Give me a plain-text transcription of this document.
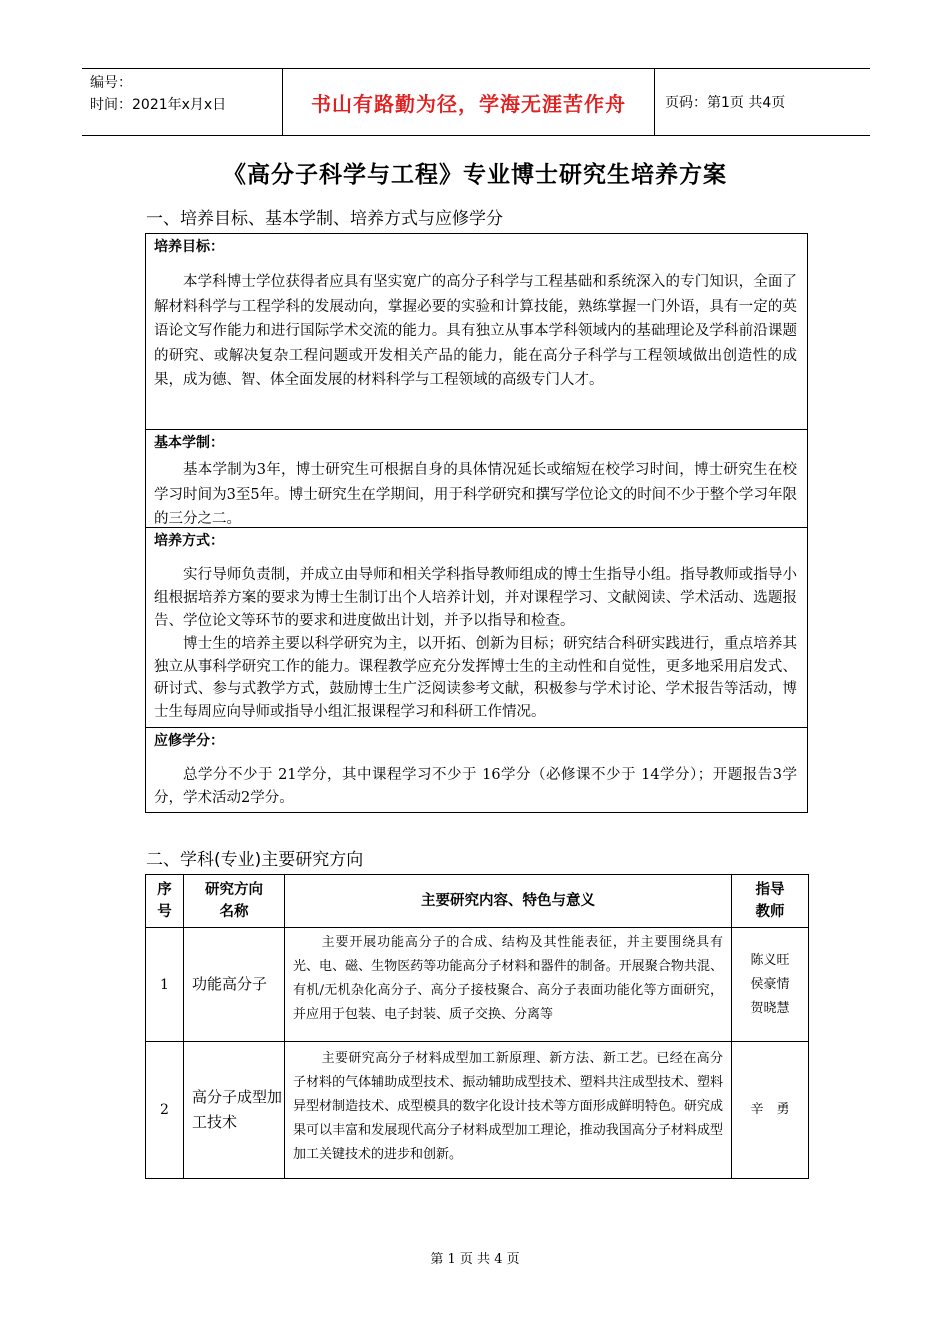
编号：
时间：2021年x月x日	书山有路勤为径，学海无涯苦作舟	页码：第1页 共4页
《高分子科学与工程》专业博士研究生培养方案
一、培养目标、基本学制、培养方式与应修学分
培养目标：

本学科博士学位获得者应具有坚实宽广的高分子科学与工程基础和系统深入的专门知识，全面了解材料科学与工程学科的发展动向，掌握必要的实验和计算技能，熟练掌握一门外语，具有一定的英语论文写作能力和进行国际学术交流的能力。具有独立从事本学科领域内的基础理论及学科前沿课题的研究、或解决复杂工程问题或开发相关产品的能力，能在高分子科学与工程领域做出创造性的成果，成为德、智、体全面发展的材料科学与工程领域的高级专门人才。

基本学制：

基本学制为3年，博士研究生可根据自身的具体情况延长或缩短在校学习时间，博士研究生在校学习时间为3至5年。博士研究生在学期间，用于科学研究和撰写学位论文的时间不少于整个学习年限的三分之二。

培养方式：

实行导师负责制，并成立由导师和相关学科指导教师组成的博士生指导小组。指导教师或指导小组根据培养方案的要求为博士生制订出个人培养计划，并对课程学习、文献阅读、学术活动、选题报告、学位论文等环节的要求和进度做出计划，并予以指导和检查。

博士生的培养主要以科学研究为主，以开拓、创新为目标；研究结合科研实践进行，重点培养其独立从事科学研究工作的能力。课程教学应充分发挥博士生的主动性和自觉性，更多地采用启发式、研讨式、参与式教学方式，鼓励博士生广泛阅读参考文献，积极参与学术讨论、学术报告等活动，博士生每周应向导师或指导小组汇报课程学习和科研工作情况。

应修学分：

总学分不少于 21学分，其中课程学习不少于 16学分（必修课不少于 14学分）；开题报告3学分，学术活动2学分。

二、学科(专业)主要研究方向
序号	研究方向名称	主要研究内容、特色与意义	指导教师
1	功能高分子	主要开展功能高分子的合成、结构及其性能表征，并主要围绕具有光、电、磁、生物医药等功能高分子材料和器件的制备。开展聚合物共混、有机/无机杂化高分子、高分子接枝聚合、高分子表面功能化等方面研究，并应用于包装、电子封装、质子交换、分离等	陈义旺
侯豪情
贺晓慧

2	高分子成型加工技术	主要研究高分子材料成型加工新原理、新方法、新工艺。已经在高分子材料的气体辅助成型技术、振动辅助成型技术、塑料共注成型技术、塑料异型材制造技术、成型模具的数字化设计技术等方面形成鲜明特色。研究成果可以丰富和发展现代高分子材料成型加工理论，推动我国高分子材料成型加工关键技术的进步和创新。	辛　勇
第 1 页 共 4 页
